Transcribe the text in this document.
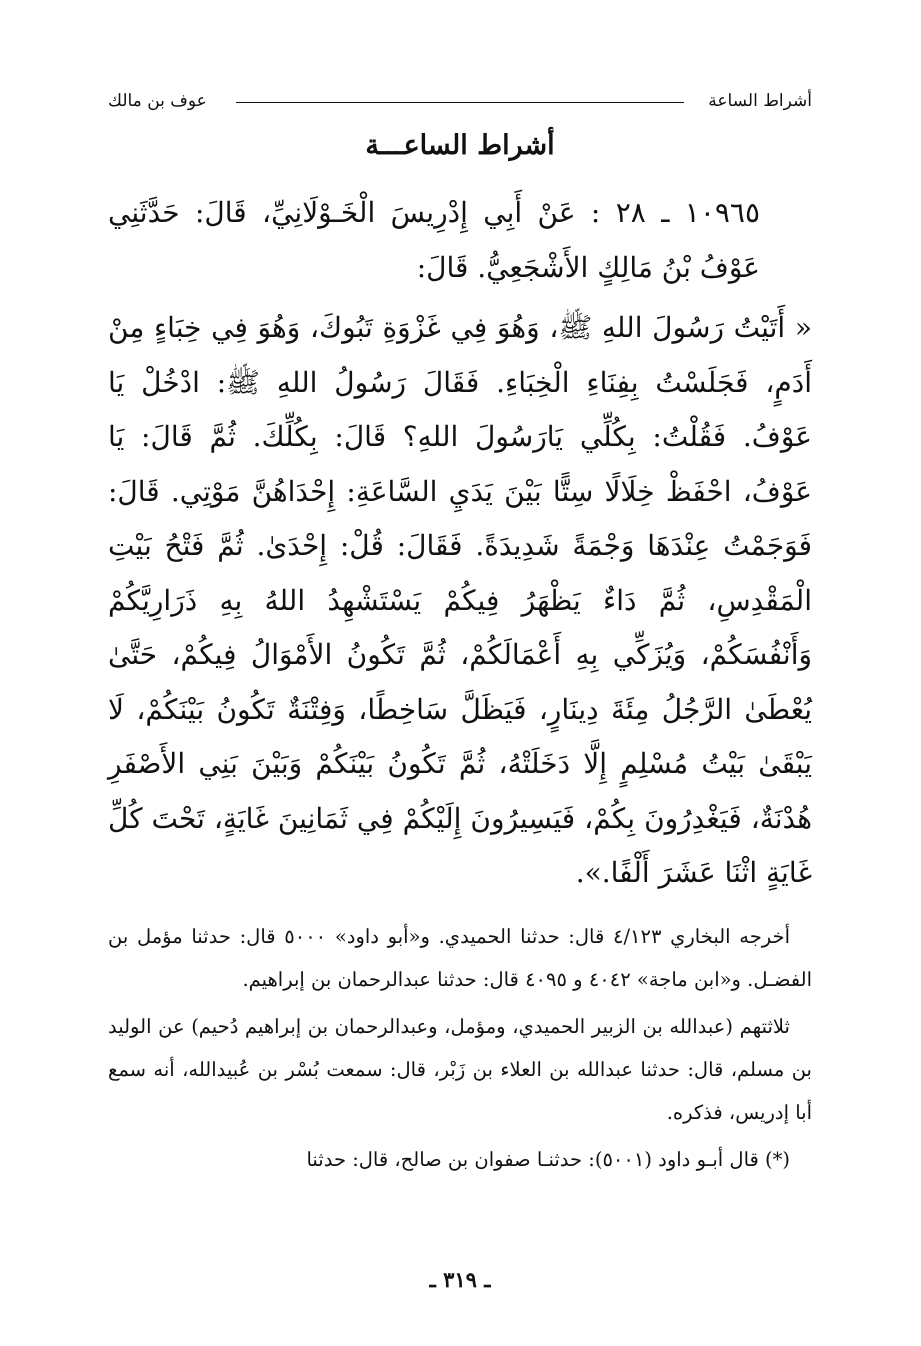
أشراط الساعة
عوف بن مالك
أشراط الساعـــة

١٠٩٦٥ ـ ٢٨ : عَنْ أَبِي إِدْرِيسَ الْخَـوْلَانِيِّ، قَالَ: حَدَّثَنِي عَوْفُ بْنُ مَالِكٍ الأَشْجَعِيُّ. قَالَ:

« أَتَيْتُ رَسُولَ اللهِ ﷺ، وَهُوَ فِي غَزْوَةِ تَبُوكَ، وَهُوَ فِي خِبَاءٍ مِنْ أَدَمٍ، فَجَلَسْتُ بِفِنَاءِ الْخِبَاءِ. فَقَالَ رَسُولُ اللهِ ﷺ: ادْخُلْ يَا عَوْفُ. فَقُلْتُ: بِكُلِّي يَارَسُولَ اللهِ؟ قَالَ: بِكُلِّكَ. ثُمَّ قَالَ: يَا عَوْفُ، احْفَظْ خِلَالًا سِتًّا بَيْنَ يَدَيِ السَّاعَةِ: إِحْدَاهُنَّ مَوْتِي. قَالَ: فَوَجَمْتُ عِنْدَهَا وَجْمَةً شَدِيدَةً. فَقَالَ: قُلْ: إِحْدَىٰ. ثُمَّ فَتْحُ بَيْتِ الْمَقْدِسِ، ثُمَّ دَاءٌ يَظْهَرُ فِيكُمْ يَسْتَشْهِدُ اللهُ بِهِ ذَرَارِيَّكُمْ وَأَنْفُسَكُمْ، وَيُزَكِّي بِهِ أَعْمَالَكُمْ، ثُمَّ تَكُونُ الأَمْوَالُ فِيكُمْ، حَتَّىٰ يُعْطَىٰ الرَّجُلُ مِئَةَ دِينَارٍ، فَيَظَلَّ سَاخِطًا، وَفِتْنَةٌ تَكُونُ بَيْنَكُمْ، لَا يَبْقَىٰ بَيْتُ مُسْلِمٍ إِلَّا دَخَلَتْهُ، ثُمَّ تَكُونُ بَيْنَكُمْ وَبَيْنَ بَنِي الأَصْفَرِ هُدْنَةٌ، فَيَغْدِرُونَ بِكُمْ، فَيَسِيرُونَ إِلَيْكُمْ فِي ثَمَانِينَ غَايَةٍ، تَحْتَ كُلِّ غَايَةٍ اثْنَا عَشَرَ أَلْفًا.».

أخرجه البخاري ٤/١٢٣ قال: حدثنا الحميدي. و«أبو داود» ٥٠٠٠ قال: حدثنا مؤمل بن الفضـل. و«ابن ماجة» ٤٠٤٢ و ٤٠٩٥ قال: حدثنا عبدالرحمان بن إبراهيم.

ثلاثتهم (عبدالله بن الزبير الحميدي، ومؤمل، وعبدالرحمان بن إبراهيم دُحيم) عن الوليد بن مسلم، قال: حدثنا عبدالله بن العلاء بن زَبْر، قال: سمعت بُسْر بن عُبيدالله، أنه سمع أبا إدريس، فذكره.

(*) قال أبـو داود (٥٠٠١): حدثنـا صفوان بن صالح، قال: حدثنا

ـ ٣١٩ ـ
